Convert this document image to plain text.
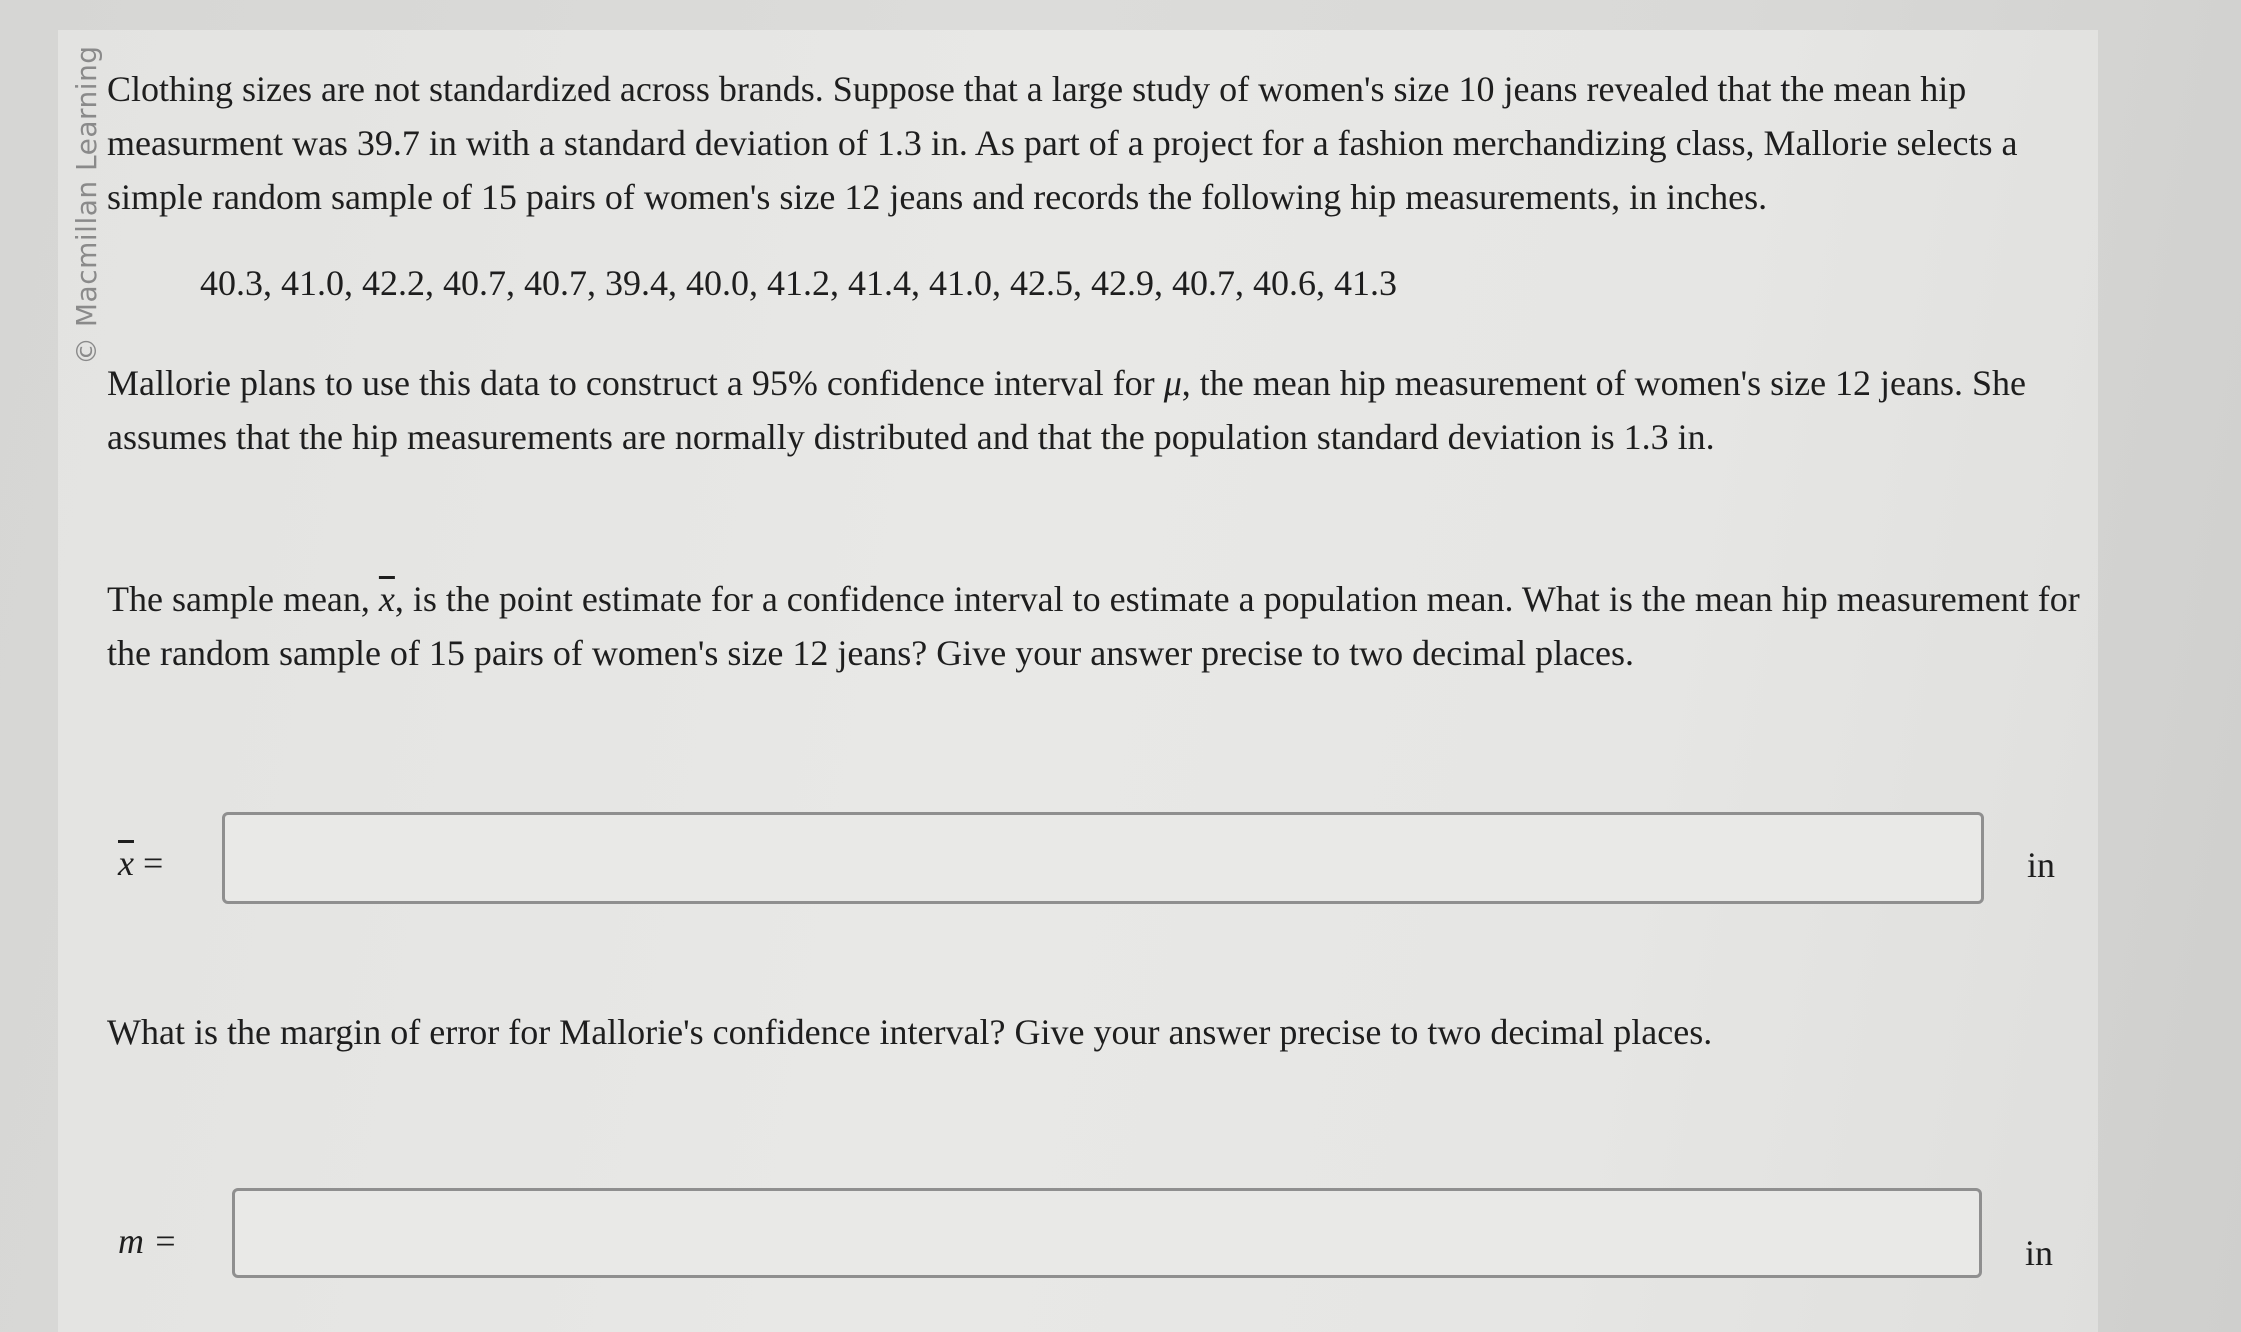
© Macmillan Learning Clothing sizes are not standardized across brands. Suppose that a large study of women's size 10 jeans revealed that the mean hip measurment was 39.7 in with a standard deviation of 1.3 in. As part of a project for a fashion merchandizing class, Mallorie selects a simple random sample of 15 pairs of women's size 12 jeans and records the following hip measurements, in inches.

40.3, 41.0, 42.2, 40.7, 40.7, 39.4, 40.0, 41.2, 41.4, 41.0, 42.5, 42.9, 40.7, 40.6, 41.3

Mallorie plans to use this data to construct a 95% confidence interval for μ, the mean hip measurement of women's size 12 jeans. She assumes that the hip measurements are normally distributed and that the population standard deviation is 1.3 in.

The sample mean, $\overline{x}$, is the point estimate for a confidence interval to estimate a population mean. What is the mean hip measurement for the random sample of 15 pairs of women's size 12 jeans? Give your answer precise to two decimal places.

$\overline{x}$ =	in

What is the margin of error for Mallorie's confidence interval? Give your answer precise to two decimal places.

m =	in
